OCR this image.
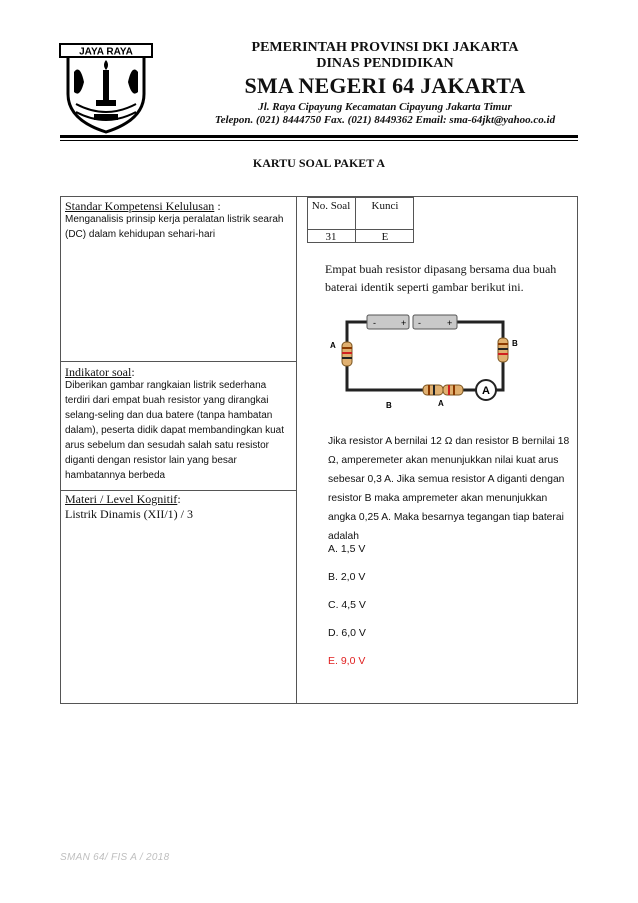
JAYA RAYA	PEMERINTAH PROVINSI DKI JAKARTA
DINAS PENDIDIKAN
SMA NEGERI 64 JAKARTA
Jl. Raya Cipayung Kecamatan Cipayung Jakarta Timur
Telepon. (021) 8444750 Fax. (021) 8449362 Email: sma-64jkt@yahoo.co.id
KARTU SOAL PAKET A
Standar Kompetensi Kelulusan :
Menganalisis prinsip kerja peralatan listrik searah (DC) dalam kehidupan sehari-hari
Indikator soal:
Diberikan gambar rangkaian listrik sederhana terdiri dari empat buah resistor yang dirangkai selang-seling dan dua batere (tanpa hambatan dalam), peserta didik dapat membandingkan kuat arus sebelum dan sesudah salah satu resistor diganti dengan resistor lain yang besar hambatannya berbeda
Materi / Level Kognitif:
Listrik Dinamis (XII/1) / 3
No. Soal	Kunci
31	E
Empat buah resistor dipasang bersama dua buah baterai identik seperti gambar berikut ini.
-	+ -	+
A
A	B
B	A
Jika resistor A bernilai 12 Ω dan resistor B bernilai 18 Ω, amperemeter akan menunjukkan nilai kuat arus sebesar 0,3 A. Jika semua resistor A diganti dengan resistor B maka ampremeter akan menunjukkan angka 0,25 A. Maka besarnya tegangan tiap baterai adalah
A. 1,5 V
B. 2,0 V
C. 4,5 V
D. 6,0 V
E. 9,0 V
SMAN 64/ FIS A / 2018
